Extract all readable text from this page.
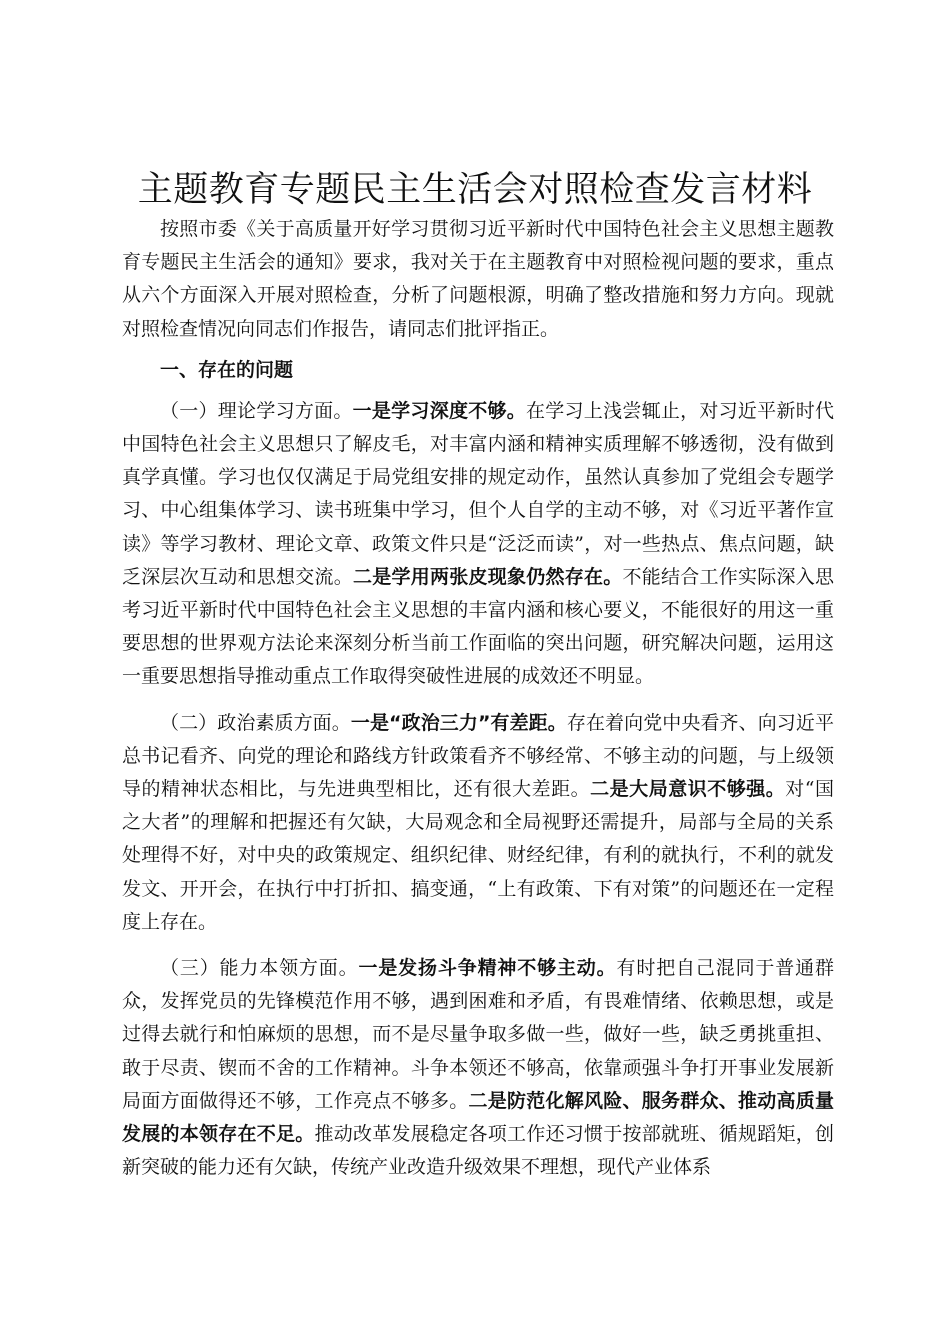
主题教育专题民主生活会对照检查发言材料

按照市委《关于高质量开好学习贯彻习近平新时代中国特色社会主义思想主题教育专题民主生活会的通知》要求，我对关于在主题教育中对照检视问题的要求，重点从六个方面深入开展对照检查，分析了问题根源，明确了整改措施和努力方向。现就对照检查情况向同志们作报告，请同志们批评指正。

一、存在的问题

（一）理论学习方面。一是学习深度不够。在学习上浅尝辄止，对习近平新时代中国特色社会主义思想只了解皮毛，对丰富内涵和精神实质理解不够透彻，没有做到真学真懂。学习也仅仅满足于局党组安排的规定动作，虽然认真参加了党组会专题学习、中心组集体学习、读书班集中学习，但个人自学的主动不够，对《习近平著作宣读》等学习教材、理论文章、政策文件只是“泛泛而读”，对一些热点、焦点问题，缺乏深层次互动和思想交流。二是学用两张皮现象仍然存在。不能结合工作实际深入思考习近平新时代中国特色社会主义思想的丰富内涵和核心要义，不能很好的用这一重要思想的世界观方法论来深刻分析当前工作面临的突出问题，研究解决问题，运用这一重要思想指导推动重点工作取得突破性进展的成效还不明显。

（二）政治素质方面。一是“政治三力”有差距。存在着向党中央看齐、向习近平总书记看齐、向党的理论和路线方针政策看齐不够经常、不够主动的问题，与上级领导的精神状态相比，与先进典型相比，还有很大差距。二是大局意识不够强。对“国之大者”的理解和把握还有欠缺，大局观念和全局视野还需提升，局部与全局的关系处理得不好，对中央的政策规定、组织纪律、财经纪律，有利的就执行，不利的就发发文、开开会，在执行中打折扣、搞变通，“上有政策、下有对策”的问题还在一定程度上存在。

（三）能力本领方面。一是发扬斗争精神不够主动。有时把自己混同于普通群众，发挥党员的先锋模范作用不够，遇到困难和矛盾，有畏难情绪、依赖思想，或是过得去就行和怕麻烦的思想，而不是尽量争取多做一些，做好一些，缺乏勇挑重担、敢于尽责、锲而不舍的工作精神。斗争本领还不够高，依靠顽强斗争打开事业发展新局面方面做得还不够，工作亮点不够多。二是防范化解风险、服务群众、推动高质量发展的本领存在不足。推动改革发展稳定各项工作还习惯于按部就班、循规蹈矩，创新突破的能力还有欠缺，传统产业改造升级效果不理想，现代产业体系
